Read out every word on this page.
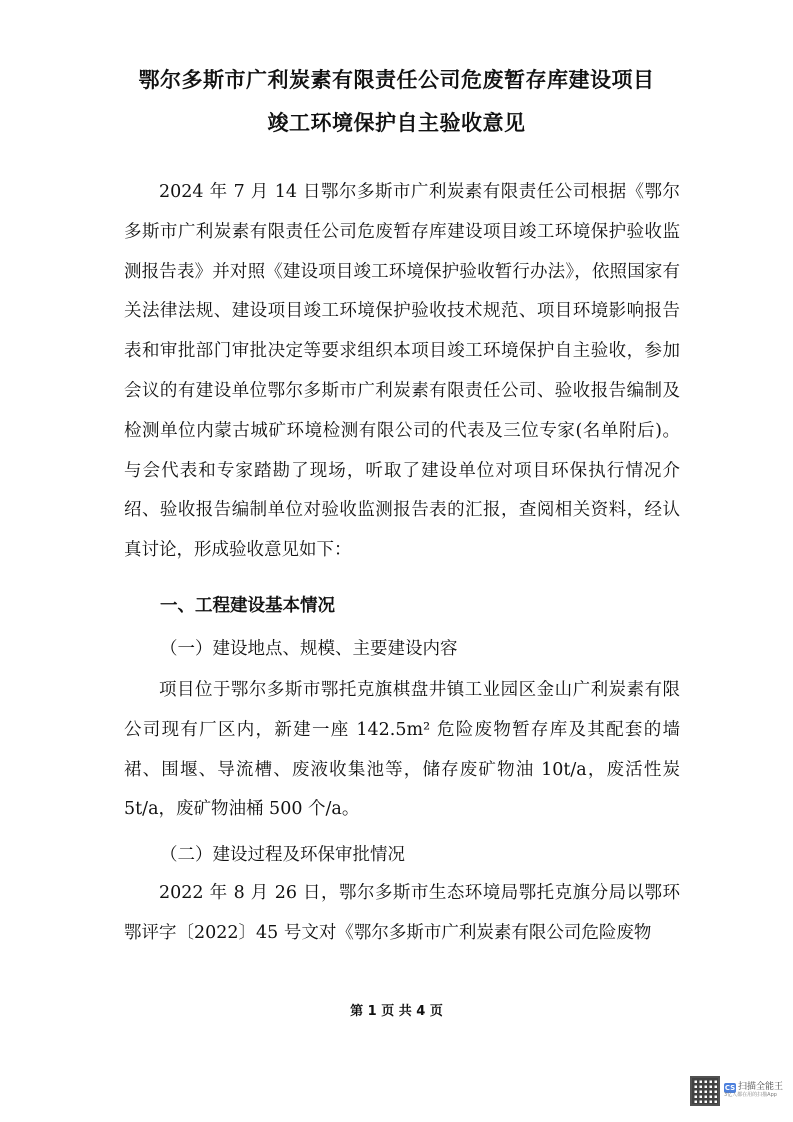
鄂尔多斯市广利炭素有限责任公司危废暂存库建设项目
竣工环境保护自主验收意见
2024 年 7 月 14 日鄂尔多斯市广利炭素有限责任公司根据《鄂尔多斯市广利炭素有限责任公司危废暂存库建设项目竣工环境保护验收监测报告表》并对照《建设项目竣工环境保护验收暂行办法》，依照国家有关法律法规、建设项目竣工环境保护验收技术规范、项目环境影响报告表和审批部门审批决定等要求组织本项目竣工环境保护自主验收，参加会议的有建设单位鄂尔多斯市广利炭素有限责任公司、验收报告编制及检测单位内蒙古城矿环境检测有限公司的代表及三位专家(名单附后)。与会代表和专家踏勘了现场，听取了建设单位对项目环保执行情况介绍、验收报告编制单位对验收监测报告表的汇报，查阅相关资料，经认真讨论，形成验收意见如下：
一、工程建设基本情况
（一）建设地点、规模、主要建设内容
项目位于鄂尔多斯市鄂托克旗棋盘井镇工业园区金山广利炭素有限公司现有厂区内，新建一座 142.5m² 危险废物暂存库及其配套的墙裙、围堰、导流槽、废液收集池等，储存废矿物油 10t/a，废活性炭 5t/a，废矿物油桶 500 个/a。
（二）建设过程及环保审批情况
2022 年 8 月 26 日，鄂尔多斯市生态环境局鄂托克旗分局以鄂环鄂评字〔2022〕45 号文对《鄂尔多斯市广利炭素有限公司危险废物
第 1 页 共 4 页
CS 扫描全能王
3亿人都在用的扫描App
